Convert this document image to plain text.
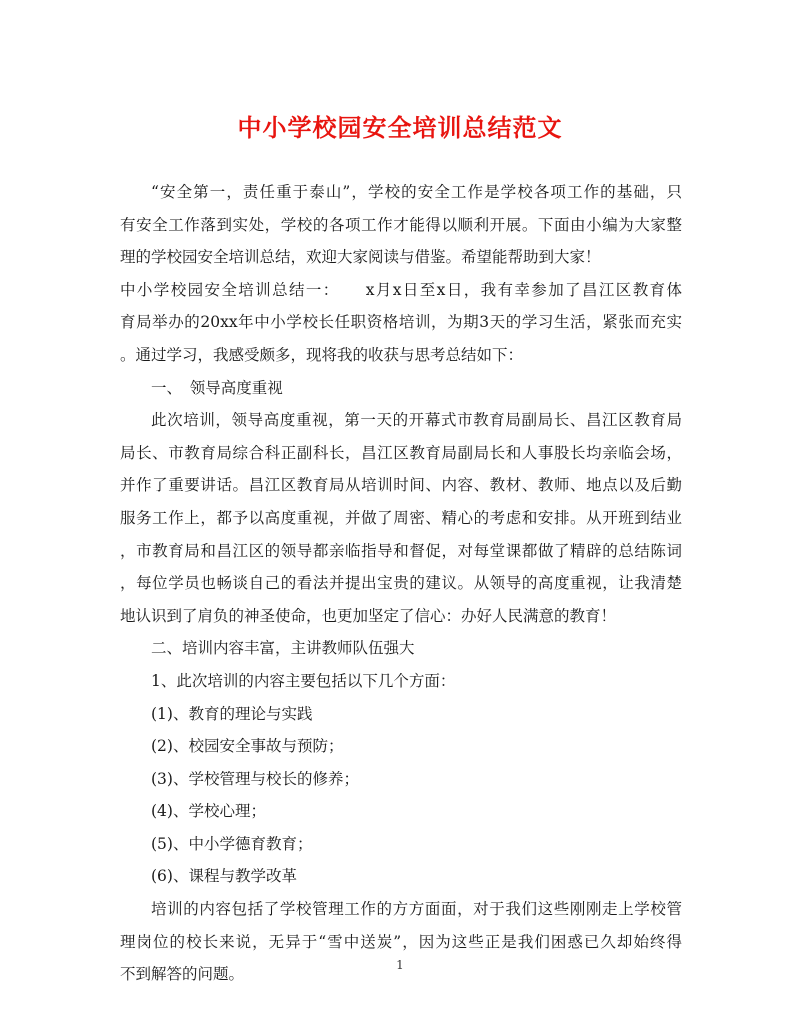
中小学校园安全培训总结范文
“安全第一，责任重于泰山”，学校的安全工作是学校各项工作的基础，只
有安全工作落到实处，学校的各项工作才能得以顺利开展。下面由小编为大家整
理的学校园安全培训总结，欢迎大家阅读与借鉴。希望能帮助到大家！
中小学校园安全培训总结一：　　x月x日至x日，我有幸参加了昌江区教育体
育局举办的20xx年中小学校长任职资格培训，为期3天的学习生活，紧张而充实
。通过学习，我感受颇多，现将我的收获与思考总结如下：
一、　领导高度重视
此次培训，领导高度重视，第一天的开幕式市教育局副局长、昌江区教育局
局长、市教育局综合科正副科长，昌江区教育局副局长和人事股长均亲临会场，
并作了重要讲话。昌江区教育局从培训时间、内容、教材、教师、地点以及后勤
服务工作上，都予以高度重视，并做了周密、精心的考虑和安排。从开班到结业
，市教育局和昌江区的领导都亲临指导和督促，对每堂课都做了精辟的总结陈词
，每位学员也畅谈自己的看法并提出宝贵的建议。从领导的高度重视，让我清楚
地认识到了肩负的神圣使命，也更加坚定了信心：办好人民满意的教育！
二、培训内容丰富，主讲教师队伍强大
1、此次培训的内容主要包括以下几个方面：
(1)、教育的理论与实践
(2)、校园安全事故与预防；
(3)、学校管理与校长的修养；
(4)、学校心理；
(5)、中小学德育教育；
(6)、课程与教学改革
培训的内容包括了学校管理工作的方方面面，对于我们这些刚刚走上学校管
理岗位的校长来说，无异于“雪中送炭”，因为这些正是我们困惑已久却始终得
不到解答的问题。
1
